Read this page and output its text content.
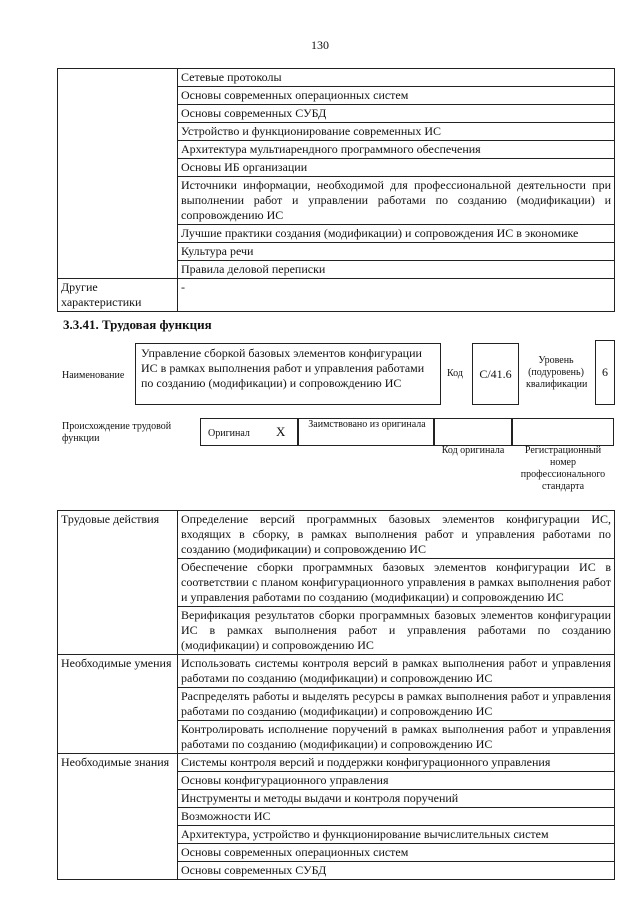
130
	Сетевые протоколы
	Основы современных операционных систем
	Основы современных СУБД
	Устройство и функционирование современных ИС
	Архитектура мультиарендного программного обеспечения
	Основы ИБ организации
	Источники информации, необходимой для профессиональной деятельности при выполнении работ и управлении работами по созданию (модификации) и сопровождению ИС
	Лучшие практики создания (модификации) и сопровождения ИС в экономике
	Культура речи
	Правила деловой переписки
Другие характеристики	-
3.3.41. Трудовая функция
Наименование
Управление сборкой базовых элементов конфигурации ИС в рамках выполнения работ и управления работами по созданию (модификации) и сопровождению ИС
Код	C/41.6
Уровень (подуровень) квалификации
6
Происхождение трудовой функции	Оригинал X	Заимствовано из оригинала
Код оригинала	Регистрационный номер профессионального стандарта
Трудовые действия	Определение версий программных базовых элементов конфигурации ИС, входящих в сборку, в рамках выполнения работ и управления работами по созданию (модификации) и сопровождению ИС
	Обеспечение сборки программных базовых элементов конфигурации ИС в соответствии с планом конфигурационного управления в рамках выполнения работ и управления работами по созданию (модификации) и сопровождению ИС
	Верификация результатов сборки программных базовых элементов конфигурации ИС в рамках выполнения работ и управления работами по созданию (модификации) и сопровождению ИС
Необходимые умения	Использовать системы контроля версий в рамках выполнения работ и управления работами по созданию (модификации) и сопровождению ИС
	Распределять работы и выделять ресурсы в рамках выполнения работ и управления работами по созданию (модификации) и сопровождению ИС
	Контролировать исполнение поручений в рамках выполнения работ и управления работами по созданию (модификации) и сопровождению ИС
Необходимые знания	Системы контроля версий и поддержки конфигурационного управления
	Основы конфигурационного управления
	Инструменты и методы выдачи и контроля поручений
	Возможности ИС
	Архитектура, устройство и функционирование вычислительных систем
	Основы современных операционных систем
	Основы современных СУБД
